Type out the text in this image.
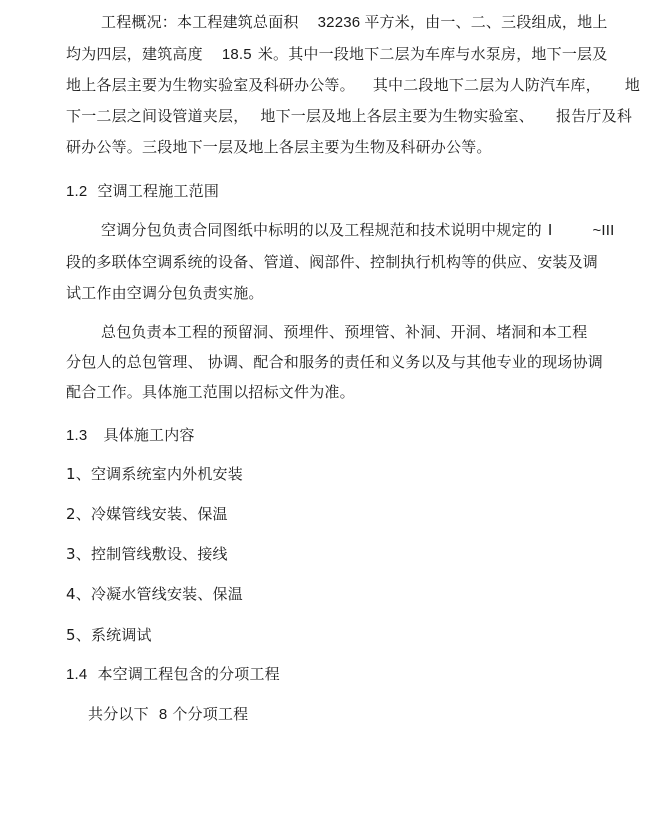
工程概况：本工程建筑总面积 32236 平方米，由一、二、三段组成，地上
均为四层，建筑高度 18.5 米。其中一段地下二层为车库与水泵房，地下一层及
地上各层主要为生物实验室及科研办公等。 其中二段地下二层为人防汽车库， 地
下一二层之间设管道夹层， 地下一层及地上各层主要为生物实验室、 报告厅及科
研办公等。三段地下一层及地上各层主要为生物及科研办公等。
1.2 空调工程施工范围
空调分包负责合同图纸中标明的以及工程规范和技术说明中规定的 I	~III
段的多联体空调系统的设备、管道、阀部件、控制执行机构等的供应、安装及调
试工作由空调分包负责实施。
总包负责本工程的预留洞、预埋件、预埋管、补洞、开洞、堵洞和本工程
分包人的总包管理、 协调、配合和服务的责任和义务以及与其他专业的现场协调
配合工作。具体施工范围以招标文件为准。
1.3 具体施工内容
1、空调系统室内外机安装
2、冷媒管线安装、保温
3、控制管线敷设、接线
4、冷凝水管线安装、保温
5、系统调试
1.4 本空调工程包含的分项工程
共分以下 8 个分项工程
